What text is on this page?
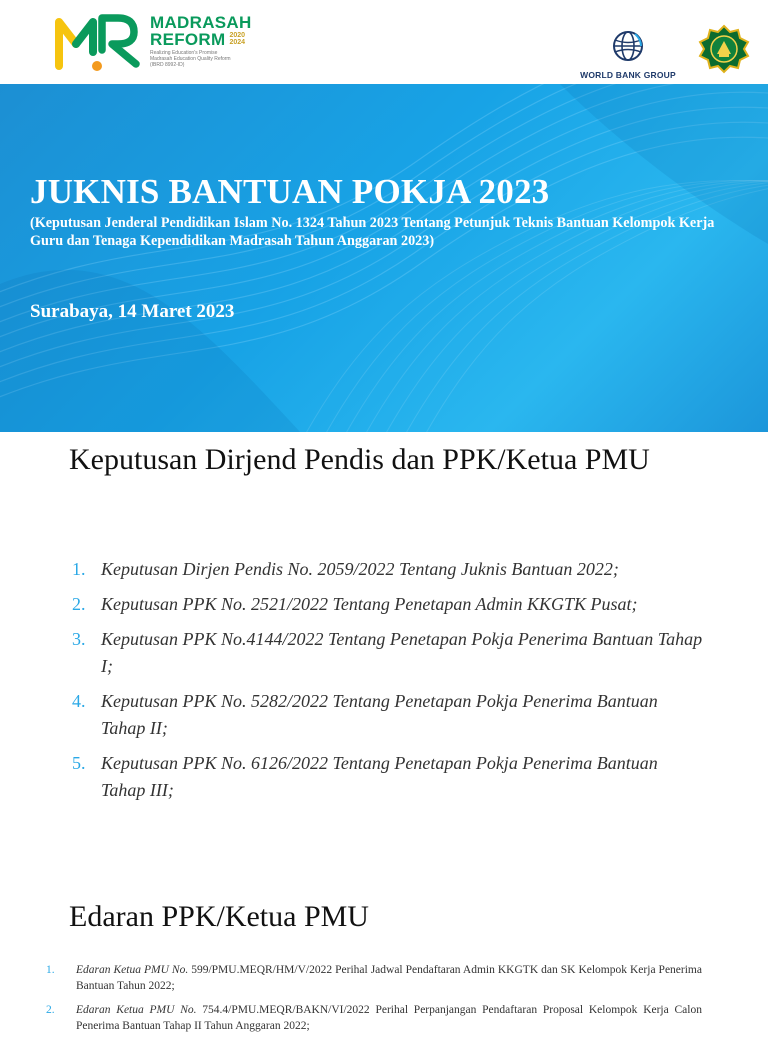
MADRASAH
REFORM 2020
2024
Realizing Education's Promise
Madrasah Education Quality Reform
(IBRD 8992-ID)
WORLD BANK GROUP
JUKNIS BANTUAN POKJA 2023

(Keputusan Jenderal Pendidikan Islam No. 1324 Tahun 2023 Tentang Petunjuk Teknis Bantuan Kelompok Kerja Guru dan Tenaga Kependidikan Madrasah Tahun Anggaran 2023)

Surabaya, 14 Maret 2023

Keputusan Dirjend Pendis dan PPK/Ketua PMU
1. Keputusan Dirjen Pendis No. 2059/2022 Tentang Juknis Bantuan 2022;
2. Keputusan PPK No. 2521/2022 Tentang Penetapan Admin KKGTK Pusat;
3. Keputusan PPK No.4144/2022 Tentang Penetapan Pokja Penerima Bantuan Tahap I;
4. Keputusan PPK No. 5282/2022 Tentang Penetapan Pokja Penerima Bantuan Tahap II;
5. Keputusan PPK No. 6126/2022 Tentang Penetapan Pokja Penerima Bantuan Tahap III;
Edaran PPK/Ketua PMU
1. Edaran Ketua PMU No. 599/PMU.MEQR/HM/V/2022 Perihal Jadwal Pendaftaran Admin KKGTK dan SK Kelompok Kerja Penerima Bantuan Tahun 2022;
2. Edaran Ketua PMU No. 754.4/PMU.MEQR/BAKN/VI/2022 Perihal Perpanjangan Pendaftaran Proposal Kelompok Kerja Calon Penerima Bantuan Tahap II Tahun Anggaran 2022;
